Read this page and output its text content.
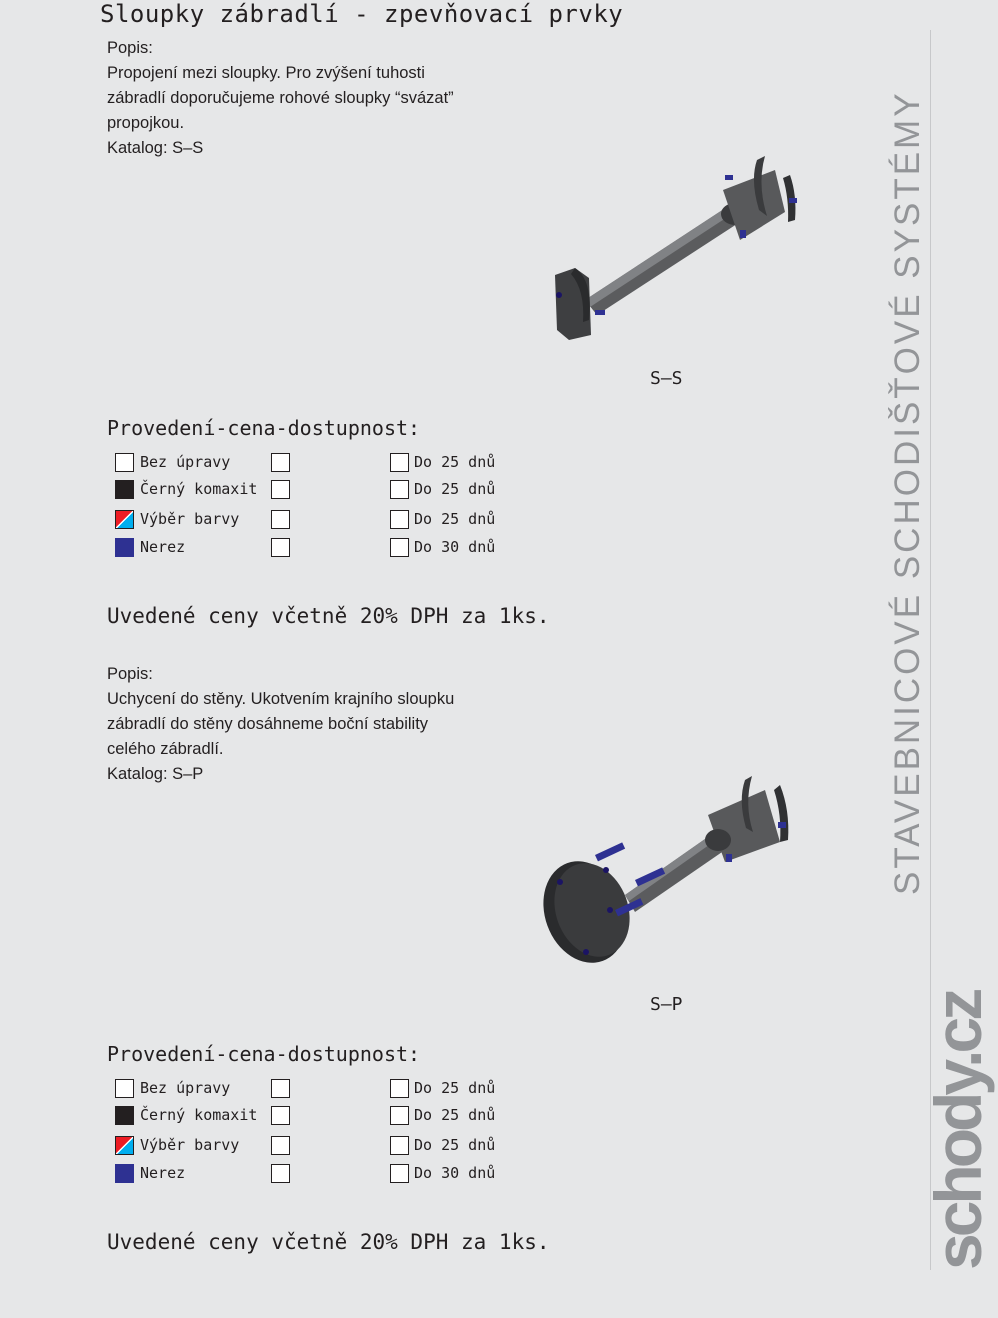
Sloupky zábradlí - zpevňovací prvky
Popis:
Propojení mezi sloupky. Pro zvýšení tuhosti
zábradlí doporučujeme rohové sloupky “svázat”
propojkou.
Katalog: S–S
S–S
Provedení-cena-dostupnost:
Bez úpravy	Do 25 dnů
Černý komaxit	Do 25 dnů
Výběr barvy	Do 25 dnů
Nerez	Do 30 dnů
Uvedené ceny včetně 20% DPH za 1ks.
Popis:
Uchycení do stěny. Ukotvením krajního sloupku
zábradlí do stěny dosáhneme boční stability
celého zábradlí.
Katalog: S–P
S–P
Provedení-cena-dostupnost:
Bez úpravy	Do 25 dnů
Černý komaxit	Do 25 dnů
Výběr barvy	Do 25 dnů
Nerez	Do 30 dnů
Uvedené ceny včetně 20% DPH za 1ks.
STAVEBNICOVÉ SCHODIŠŤOVÉ SYSTÉMY
schody.cz
